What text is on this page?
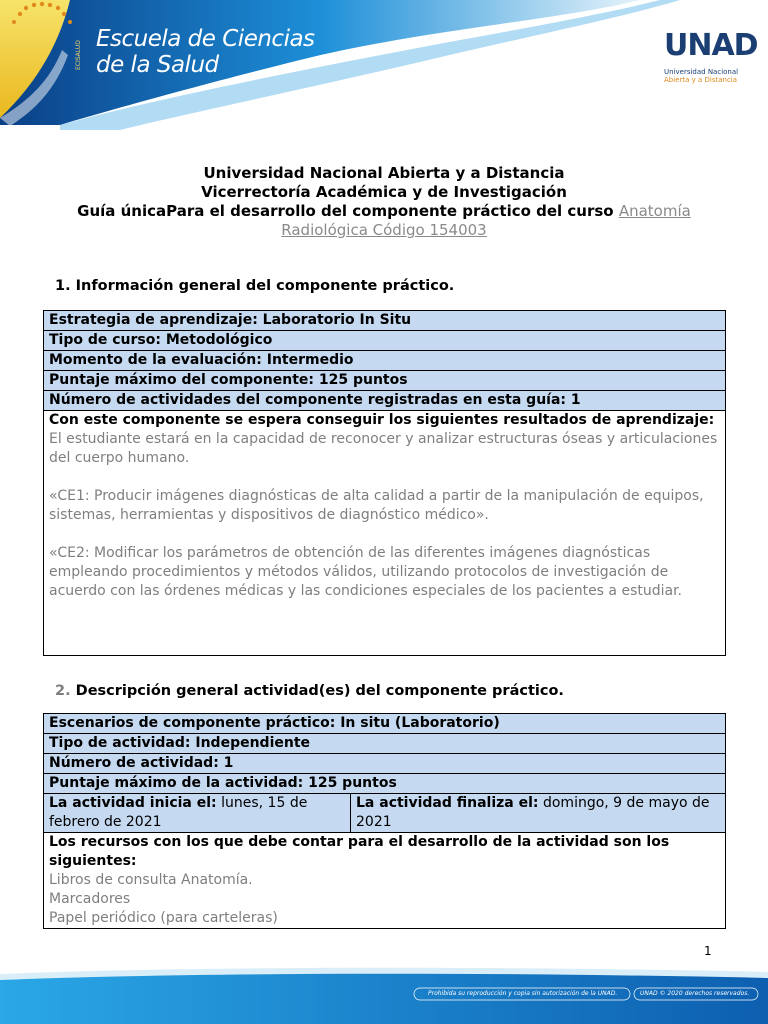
ECISALUD
Escuela de Ciencias
de la Salud
UNAD
Universidad Nacional
Abierta y a Distancia
Universidad Nacional Abierta y a Distancia
Vicerrectoría Académica y de Investigación
Guía únicaPara el desarrollo del componente práctico del curso Anatomía
Radiológica Código 154003
1. Información general del componente práctico.
Estrategia de aprendizaje: Laboratorio In Situ
Tipo de curso: Metodológico
Momento de la evaluación: Intermedio
Puntaje máximo del componente: 125 puntos
Número de actividades del componente registradas en esta guía: 1

Con este componente se espera conseguir los siguientes resultados de aprendizaje:

El estudiante estará en la capacidad de reconocer y analizar estructuras óseas y articulaciones del cuerpo humano.

«CE1: Producir imágenes diagnósticas de alta calidad a partir de la manipulación de equipos, sistemas, herramientas y dispositivos de diagnóstico médico».

«CE2: Modificar los parámetros de obtención de las diferentes imágenes diagnósticas empleando procedimientos y métodos válidos, utilizando protocolos de investigación de acuerdo con las órdenes médicas y las condiciones especiales de los pacientes a estudiar.

2. Descripción general actividad(es) del componente práctico.
Escenarios de componente práctico: In situ (Laboratorio)
Tipo de actividad: Independiente
Número de actividad: 1
Puntaje máximo de la actividad: 125 puntos
La actividad inicia el: lunes, 15 de febrero de 2021	La actividad finaliza el: domingo, 9 de mayo de 2021

Los recursos con los que debe contar para el desarrollo de la actividad son los siguientes:
Libros de consulta Anatomía.
Marcadores
Papel periódico (para carteleras)
1
Prohibida su reproducción y copia sin autorización de la UNAD.	UNAD © 2020 derechos reservados.
